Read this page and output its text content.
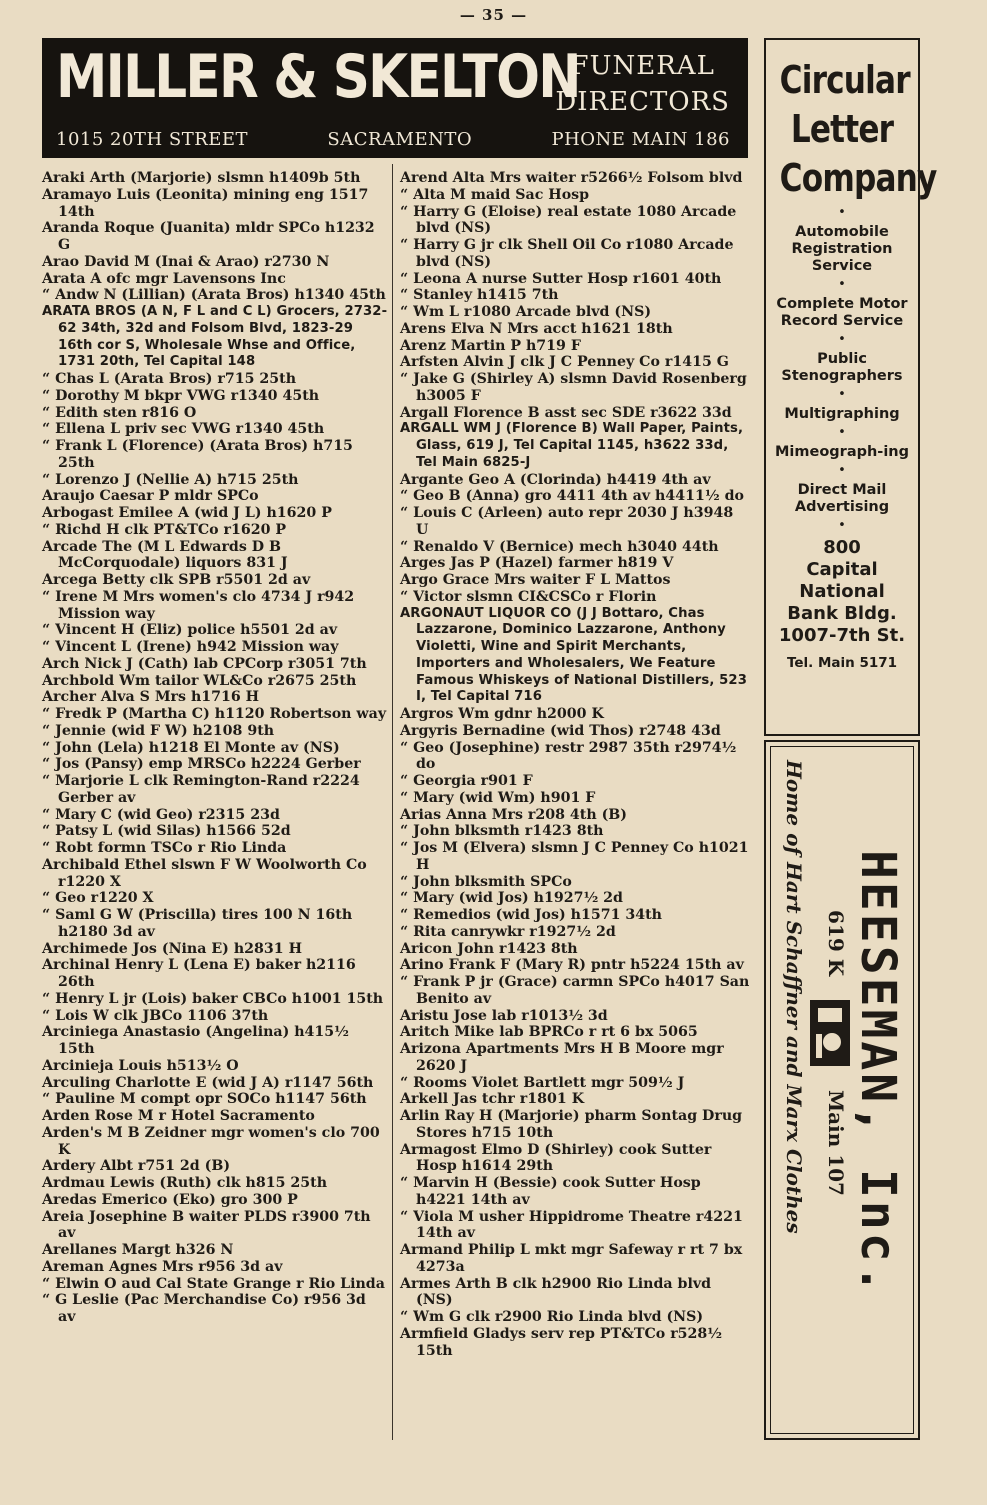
— 35 —
MILLER & SKELTON
FUNERAL
DIRECTORS
1015 20TH STREET	SACRAMENTO	PHONE MAIN 186
Araki Arth (Marjorie) slsmn h1409b 5th
Aramayo Luis (Leonita) mining eng 1517 14th
Aranda Roque (Juanita) mldr SPCo h1232 G
Arao David M (Inai & Arao) r2730 N
Arata A ofc mgr Lavensons Inc
“ Andw N (Lillian) (Arata Bros) h1340 45th
ARATA BROS (A N, F L and C L) Grocers, 2732-62 34th, 32d and Folsom Blvd, 1823-29 16th cor S, Wholesale Whse and Office, 1731 20th, Tel Capital 148
“ Chas L (Arata Bros) r715 25th
“ Dorothy M bkpr VWG r1340 45th
“ Edith sten r816 O
“ Ellena L priv sec VWG r1340 45th
“ Frank L (Florence) (Arata Bros) h715 25th
“ Lorenzo J (Nellie A) h715 25th
Araujo Caesar P mldr SPCo
Arbogast Emilee A (wid J L) h1620 P
“ Richd H clk PT&TCo r1620 P
Arcade The (M L Edwards D B McCorquodale) liquors 831 J
Arcega Betty clk SPB r5501 2d av
“ Irene M Mrs women's clo 4734 J r942 Mission way
“ Vincent H (Eliz) police h5501 2d av
“ Vincent L (Irene) h942 Mission way
Arch Nick J (Cath) lab CPCorp r3051 7th
Archbold Wm tailor WL&Co r2675 25th
Archer Alva S Mrs h1716 H
“ Fredk P (Martha C) h1120 Robertson way
“ Jennie (wid F W) h2108 9th
“ John (Lela) h1218 El Monte av (NS)
“ Jos (Pansy) emp MRSCo h2224 Gerber
“ Marjorie L clk Remington-Rand r2224 Gerber av
“ Mary C (wid Geo) r2315 23d
“ Patsy L (wid Silas) h1566 52d
“ Robt formn TSCo r Rio Linda
Archibald Ethel slswn F W Woolworth Co r1220 X
“ Geo r1220 X
“ Saml G W (Priscilla) tires 100 N 16th h2180 3d av
Archimede Jos (Nina E) h2831 H
Archinal Henry L (Lena E) baker h2116 26th
“ Henry L jr (Lois) baker CBCo h1001 15th
“ Lois W clk JBCo 1106 37th
Arciniega Anastasio (Angelina) h415½ 15th
Arcinieja Louis h513½ O
Arculing Charlotte E (wid J A) r1147 56th
“ Pauline M compt opr SOCo h1147 56th
Arden Rose M r Hotel Sacramento
Arden's M B Zeidner mgr women's clo 700 K
Ardery Albt r751 2d (B)
Ardmau Lewis (Ruth) clk h815 25th
Aredas Emerico (Eko) gro 300 P
Areia Josephine B waiter PLDS r3900 7th av
Arellanes Margt h326 N
Areman Agnes Mrs r956 3d av
“ Elwin O aud Cal State Grange r Rio Linda
“ G Leslie (Pac Merchandise Co) r956 3d av
Arend Alta Mrs waiter r5266½ Folsom blvd
“ Alta M maid Sac Hosp
“ Harry G (Eloise) real estate 1080 Arcade blvd (NS)
“ Harry G jr clk Shell Oil Co r1080 Arcade blvd (NS)
“ Leona A nurse Sutter Hosp r1601 40th
“ Stanley h1415 7th
“ Wm L r1080 Arcade blvd (NS)
Arens Elva N Mrs acct h1621 18th
Arenz Martin P h719 F
Arfsten Alvin J clk J C Penney Co r1415 G
“ Jake G (Shirley A) slsmn David Rosenberg h3005 F
Argall Florence B asst sec SDE r3622 33d
ARGALL WM J (Florence B) Wall Paper, Paints, Glass, 619 J, Tel Capital 1145, h3622 33d, Tel Main 6825-J
Argante Geo A (Clorinda) h4419 4th av
“ Geo B (Anna) gro 4411 4th av h4411½ do
“ Louis C (Arleen) auto repr 2030 J h3948 U
“ Renaldo V (Bernice) mech h3040 44th
Arges Jas P (Hazel) farmer h819 V
Argo Grace Mrs waiter F L Mattos
“ Victor slsmn CI&CSCo r Florin
ARGONAUT LIQUOR CO (J J Bottaro, Chas Lazzarone, Dominico Lazzarone, Anthony Violetti, Wine and Spirit Merchants, Importers and Wholesalers, We Feature Famous Whiskeys of National Distillers, 523 I, Tel Capital 716
Argros Wm gdnr h2000 K
Argyris Bernadine (wid Thos) r2748 43d
“ Geo (Josephine) restr 2987 35th r2974½ do
“ Georgia r901 F
“ Mary (wid Wm) h901 F
Arias Anna Mrs r208 4th (B)
“ John blksmth r1423 8th
“ Jos M (Elvera) slsmn J C Penney Co h1021 H
“ John blksmith SPCo
“ Mary (wid Jos) h1927½ 2d
“ Remedios (wid Jos) h1571 34th
“ Rita canrywkr r1927½ 2d
Aricon John r1423 8th
Arino Frank F (Mary R) pntr h5224 15th av
“ Frank P jr (Grace) carmn SPCo h4017 San Benito av
Aristu Jose lab r1013½ 3d
Aritch Mike lab BPRCo r rt 6 bx 5065
Arizona Apartments Mrs H B Moore mgr 2620 J
“ Rooms Violet Bartlett mgr 509½ J
Arkell Jas tchr r1801 K
Arlin Ray H (Marjorie) pharm Sontag Drug Stores h715 10th
Armagost Elmo D (Shirley) cook Sutter Hosp h1614 29th
“ Marvin H (Bessie) cook Sutter Hosp h4221 14th av
“ Viola M usher Hippidrome Theatre r4221 14th av
Armand Philip L mkt mgr Safeway r rt 7 bx 4273a
Armes Arth B clk h2900 Rio Linda blvd (NS)
“ Wm G clk r2900 Rio Linda blvd (NS)
Armfield Gladys serv rep PT&TCo r528½ 15th
Circular
Letter
Company
•
Automobile Registration Service
•
Complete Motor Record Service
•
Public Stenographers
•
Multigraphing
•
Mimeograph-ing
•
Direct Mail Advertising
•
800
Capital
National
Bank Bldg.
1007-7th St.
Tel. Main 5171
HEESEMAN, Inc.
619 K
Main 107
Home of Hart Schaffner and Marx Clothes
